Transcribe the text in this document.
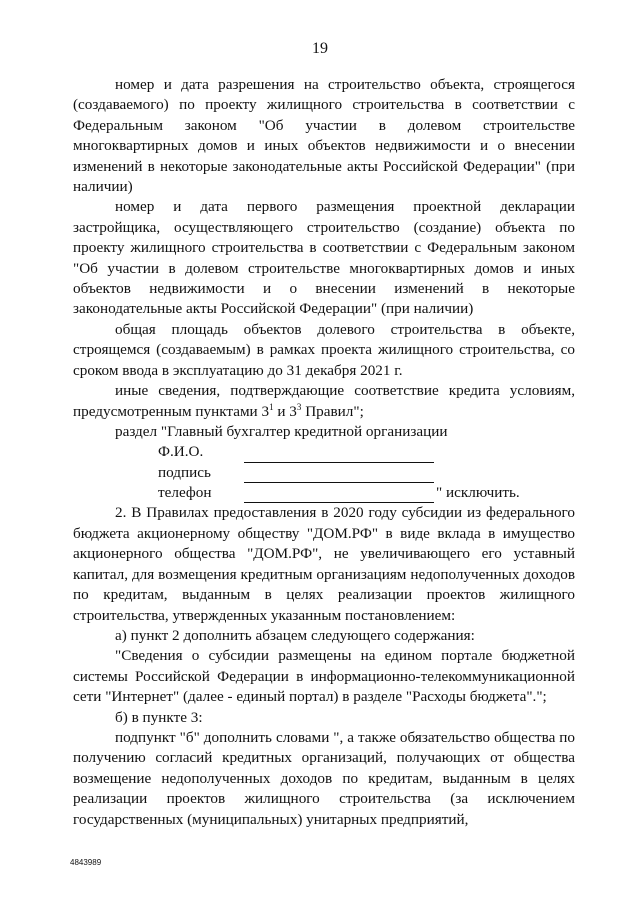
19

номер и дата разрешения на строительство объекта, строящегося (создаваемого) по проекту жилищного строительства в соответствии с Федеральным законом "Об участии в долевом строительстве многоквартирных домов и иных объектов недвижимости и о внесении изменений в некоторые законодательные акты Российской Федерации" (при наличии)

номер и дата первого размещения проектной декларации застройщика, осуществляющего строительство (создание) объекта по проекту жилищного строительства в соответствии с Федеральным законом "Об участии в долевом строительстве многоквартирных домов и иных объектов недвижимости и о внесении изменений в некоторые законодательные акты Российской Федерации" (при наличии)

общая площадь объектов долевого строительства в объекте, строящемся (создаваемым) в рамках проекта жилищного строительства, со сроком ввода в эксплуатацию до 31 декабря 2021 г.

иные сведения, подтверждающие соответствие кредита условиям, предусмотренным пунктами $3^1$ и $3^3$ Правил";

раздел "Главный бухгалтер кредитной организации

Ф.И.О.
подпись
телефон	" исключить.

2. В Правилах предоставления в 2020 году субсидии из федерального бюджета акционерному обществу "ДОМ.РФ" в виде вклада в имущество акционерного общества "ДОМ.РФ", не увеличивающего его уставный капитал, для возмещения кредитным организациям недополученных доходов по кредитам, выданным в целях реализации проектов жилищного строительства, утвержденных указанным постановлением:

а) пункт 2 дополнить абзацем следующего содержания:

"Сведения о субсидии размещены на едином портале бюджетной системы Российской Федерации в информационно-телекоммуникационной сети "Интернет" (далее - единый портал) в разделе "Расходы бюджета".";

б) в пункте 3:

подпункт "б" дополнить словами ", а также обязательство общества по получению согласий кредитных организаций, получающих от общества возмещение недополученных доходов по кредитам, выданным в целях реализации проектов жилищного строительства (за исключением государственных (муниципальных) унитарных предприятий,

4843989
